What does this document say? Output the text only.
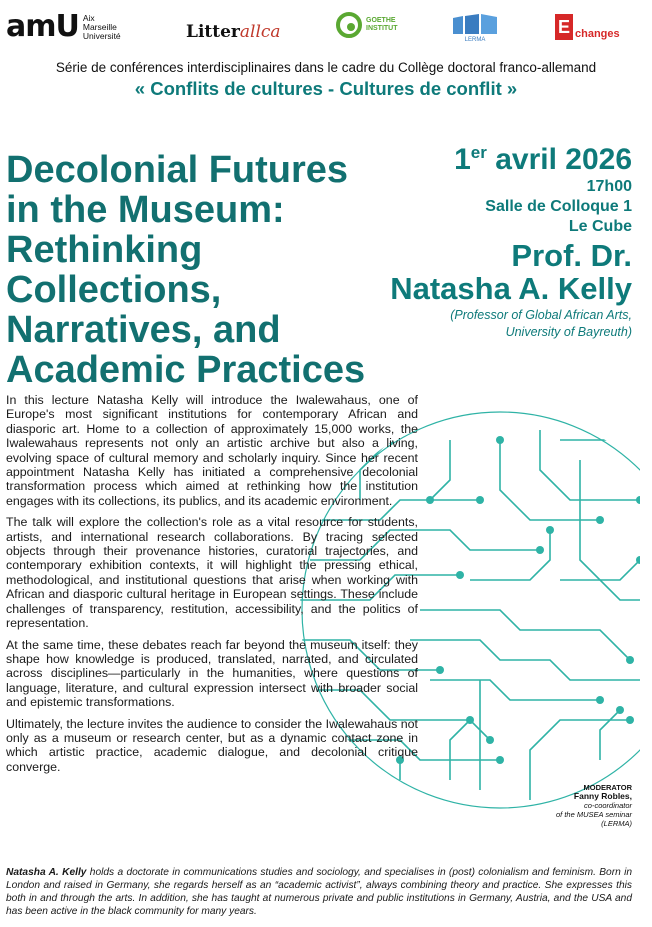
amU Aix
Marseille
Université	Litterallca
GOETHE
INSTITUT
LERMA
E changes
Série de conférences interdisciplinaires dans le cadre du Collège doctoral franco-allemand
« Conflits de cultures - Cultures de conflit »
Decolonial Futures
in the Museum:
Rethinking
Collections,
Narratives, and
Academic Practices
1er avril 2026
17h00
Salle de Colloque 1
Le Cube
Prof. Dr.
Natasha A. Kelly
(Professor of Global African Arts,
University of Bayreuth)

In this lecture Natasha Kelly will introduce the Iwalewahaus, one of Europe's most significant institutions for contemporary African and diasporic art. Home to a collection of approximately 15,000 works, the Iwalewahaus represents not only an artistic archive but also a living, evolving space of cultural memory and scholarly inquiry. Since her recent appointment Natasha Kelly has initiated a comprehensive decolonial transformation process which aimed at rethinking how the institution engages with its collections, its publics, and its academic environment.

The talk will explore the collection's role as a vital resource for students, artists, and international research collaborations. By tracing selected objects through their provenance histories, curatorial trajectories, and contemporary exhibition contexts, it will highlight the pressing ethical, methodological, and institutional questions that arise when working with African and diasporic cultural heritage in European settings. These include challenges of transparency, restitution, accessibility, and the politics of representation.

At the same time, these debates reach far beyond the museum itself: they shape how knowledge is produced, translated, narrated, and circulated across disciplines—particularly in the humanities, where questions of language, literature, and cultural expression intersect with broader social and epistemic transformations.

Ultimately, the lecture invites the audience to consider the Iwalewahaus not only as a museum or research center, but as a dynamic contact zone in which artistic practice, academic dialogue, and decolonial critique converge.

MODERATOR
Fanny Robles,
co-coordinator
of the MUSEA seminar
(LERMA)
Natasha A. Kelly holds a doctorate in communications studies and sociology, and specialises in (post) colonialism and feminism. Born in London and raised in Germany, she regards herself as an “academic activist”, always combining theory and practice. She expresses this both in and through the arts. In addition, she has taught at numerous private and public institutions in Germany, Austria, and the USA and has been active in the black community for many years.
